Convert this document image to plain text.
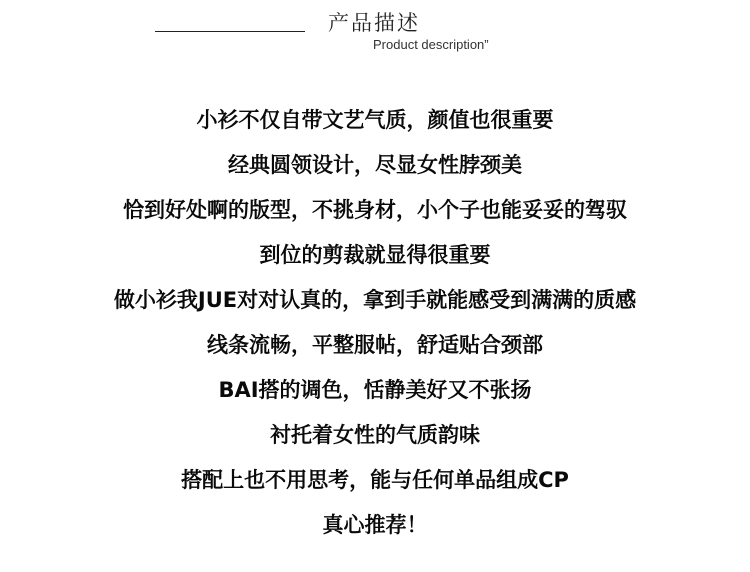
产品描述
Product description”
小衫不仅自带文艺气质，颜值也很重要
经典圆领设计，尽显女性脖颈美
恰到好处啊的版型，不挑身材，小个子也能妥妥的驾驭
到位的剪裁就显得很重要
做小衫我JUE对对认真的，拿到手就能感受到满满的质感
线条流畅，平整服帖，舒适贴合颈部
BAI搭的调色，恬静美好又不张扬
衬托着女性的气质韵味
搭配上也不用思考，能与任何单品组成CP
真心推荐！
